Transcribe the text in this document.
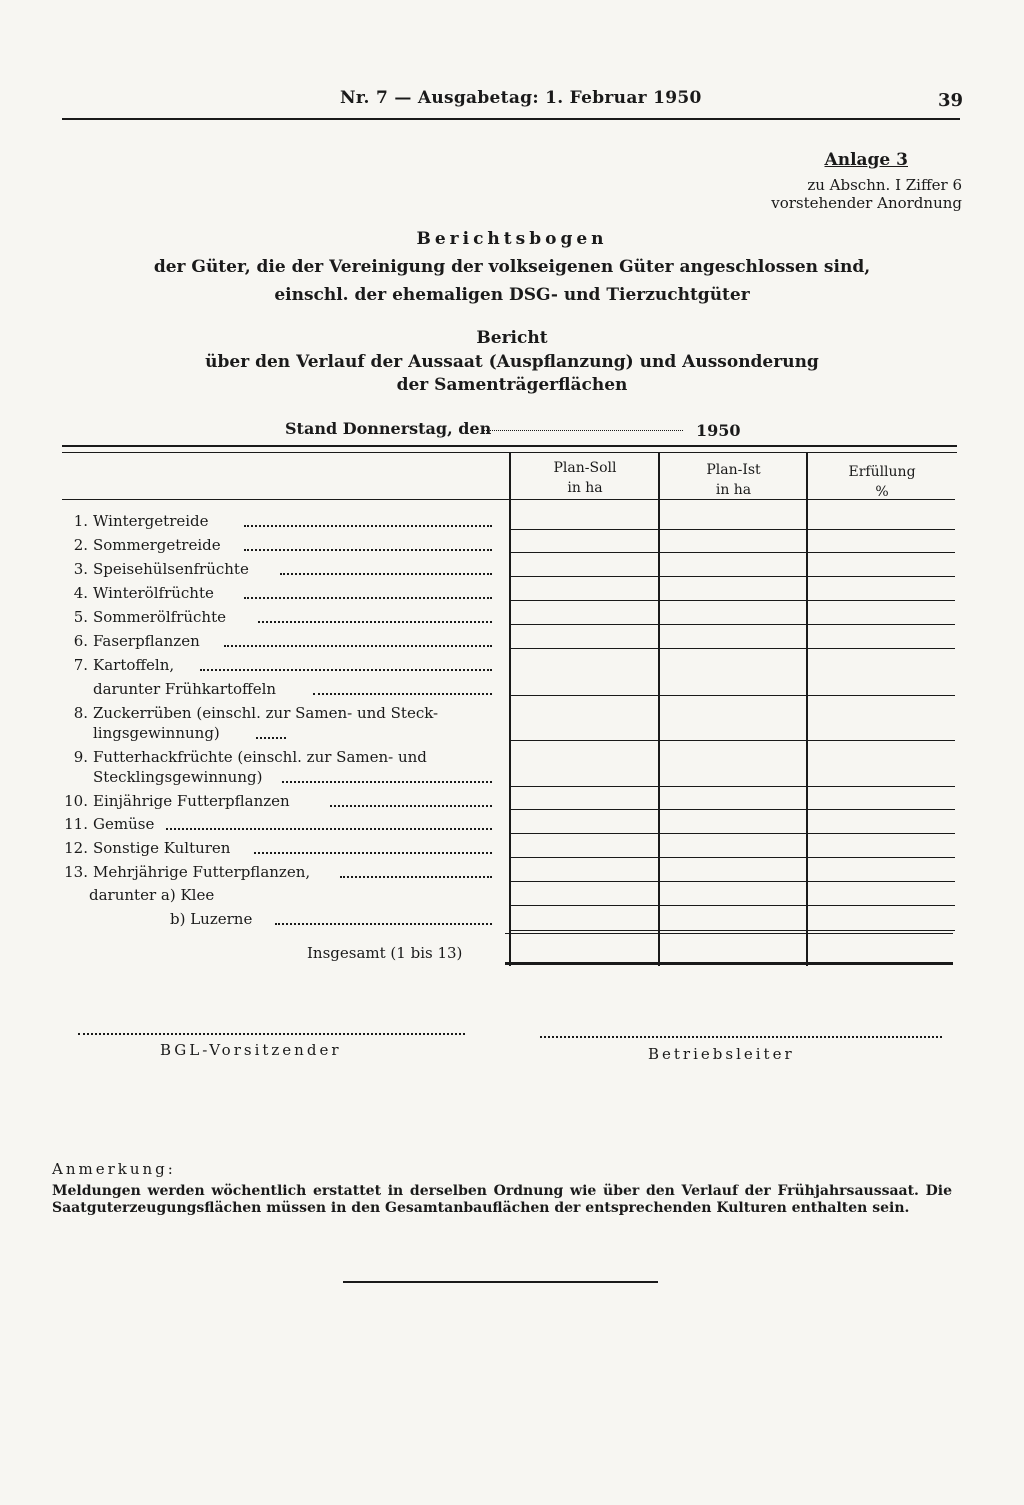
Nr. 7 — Ausgabetag: 1. Februar 1950	39
Anlage 3
zu Abschn. I Ziffer 6
vorstehender Anordnung
Berichtsbogen
der Güter, die der Vereinigung der volkseigenen Güter angeschlossen sind,
einschl. der ehemaligen DSG- und Tierzuchtgüter
Bericht
über den Verlauf der Aussaat (Auspflanzung) und Aussonderung
der Samenträgerflächen
Stand Donnerstag, den	1950
Plan-Soll
in ha
Plan-Ist
in ha
Erfüllung
%
1. Wintergetreide
2. Sommergetreide
3. Speisehülsenfrüchte
4. Winterölfrüchte
5. Sommerölfrüchte
6. Faserpflanzen
7. Kartoffeln,
darunter Frühkartoffeln
8. Zuckerrüben (einschl. zur Samen- und Steck-
lingsgewinnung)
9. Futterhackfrüchte (einschl. zur Samen- und
Stecklingsgewinnung)
10. Einjährige Futterpflanzen
11. Gemüse
12. Sonstige Kulturen
13. Mehrjährige Futterpflanzen,
darunter a) Klee
b) Luzerne
Insgesamt (1 bis 13)
BGL-Vorsitzender	Betriebsleiter
Anmerkung:
Meldungen werden wöchentlich erstattet in derselben Ordnung wie über den Verlauf der Frühjahrsaussaat. Die Saatguterzeugungsflächen müssen in den Gesamtanbauflächen der entsprechenden Kulturen enthalten sein.
